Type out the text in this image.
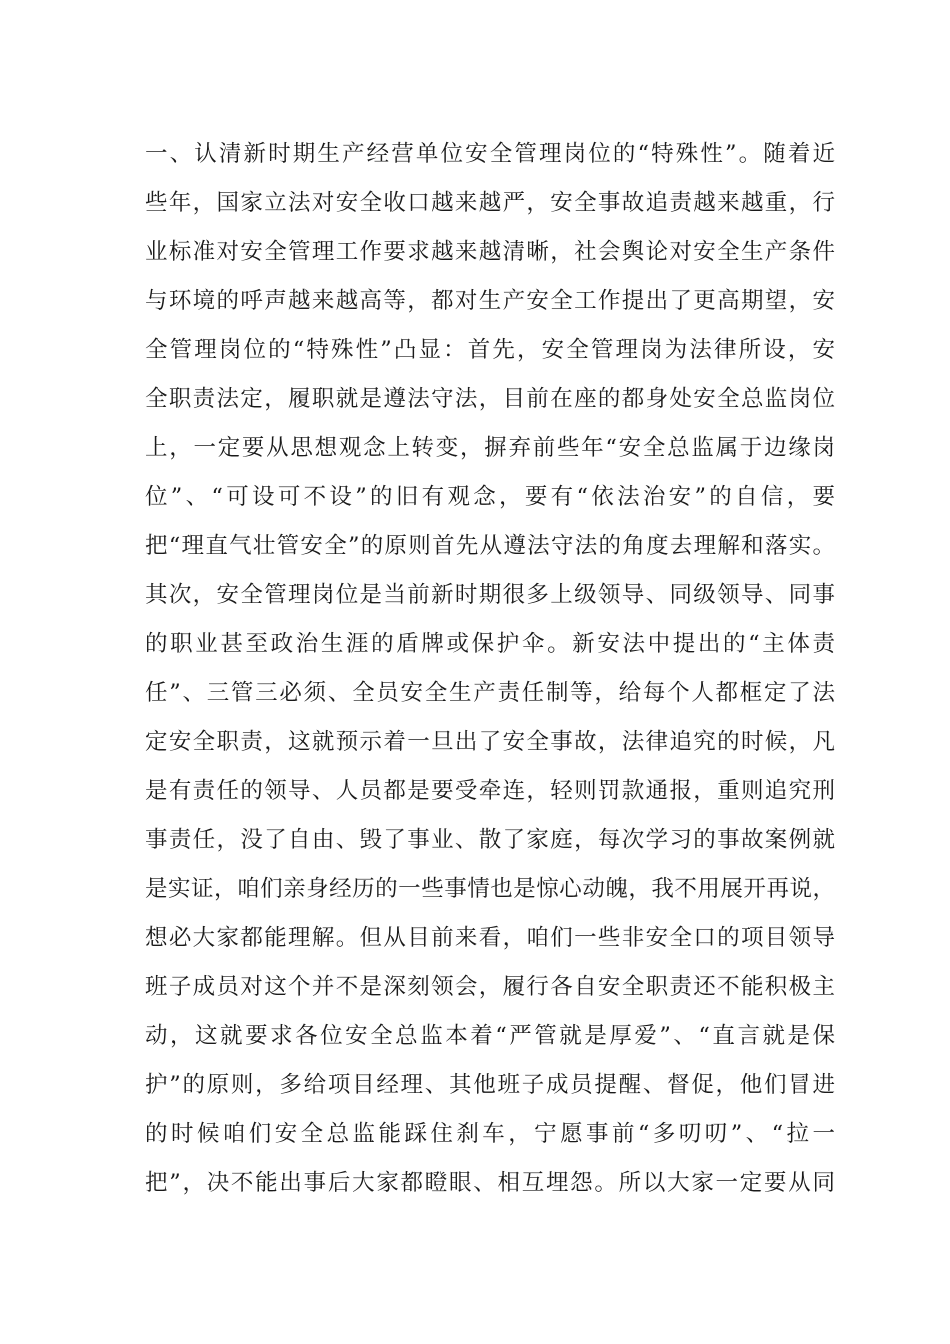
一、认清新时期生产经营单位安全管理岗位的“特殊性”。随着近
些年，国家立法对安全收口越来越严，安全事故追责越来越重，行
业标准对安全管理工作要求越来越清晰，社会舆论对安全生产条件
与环境的呼声越来越高等，都对生产安全工作提出了更高期望，安
全管理岗位的“特殊性”凸显：首先，安全管理岗为法律所设，安
全职责法定，履职就是遵法守法，目前在座的都身处安全总监岗位
上，一定要从思想观念上转变，摒弃前些年“安全总监属于边缘岗
位”、“可设可不设”的旧有观念，要有“依法治安”的自信，要
把“理直气壮管安全”的原则首先从遵法守法的角度去理解和落实。
其次，安全管理岗位是当前新时期很多上级领导、同级领导、同事
的职业甚至政治生涯的盾牌或保护伞。新安法中提出的“主体责
任”、三管三必须、全员安全生产责任制等，给每个人都框定了法
定安全职责，这就预示着一旦出了安全事故，法律追究的时候，凡
是有责任的领导、人员都是要受牵连，轻则罚款通报，重则追究刑
事责任，没了自由、毁了事业、散了家庭，每次学习的事故案例就
是实证，咱们亲身经历的一些事情也是惊心动魄，我不用展开再说，
想必大家都能理解。但从目前来看，咱们一些非安全口的项目领导
班子成员对这个并不是深刻领会，履行各自安全职责还不能积极主
动，这就要求各位安全总监本着“严管就是厚爱”、“直言就是保
护”的原则，多给项目经理、其他班子成员提醒、督促，他们冒进
的时候咱们安全总监能踩住刹车，宁愿事前“多叨叨”、“拉一
把”，决不能出事后大家都瞪眼、相互埋怨。所以大家一定要从同
